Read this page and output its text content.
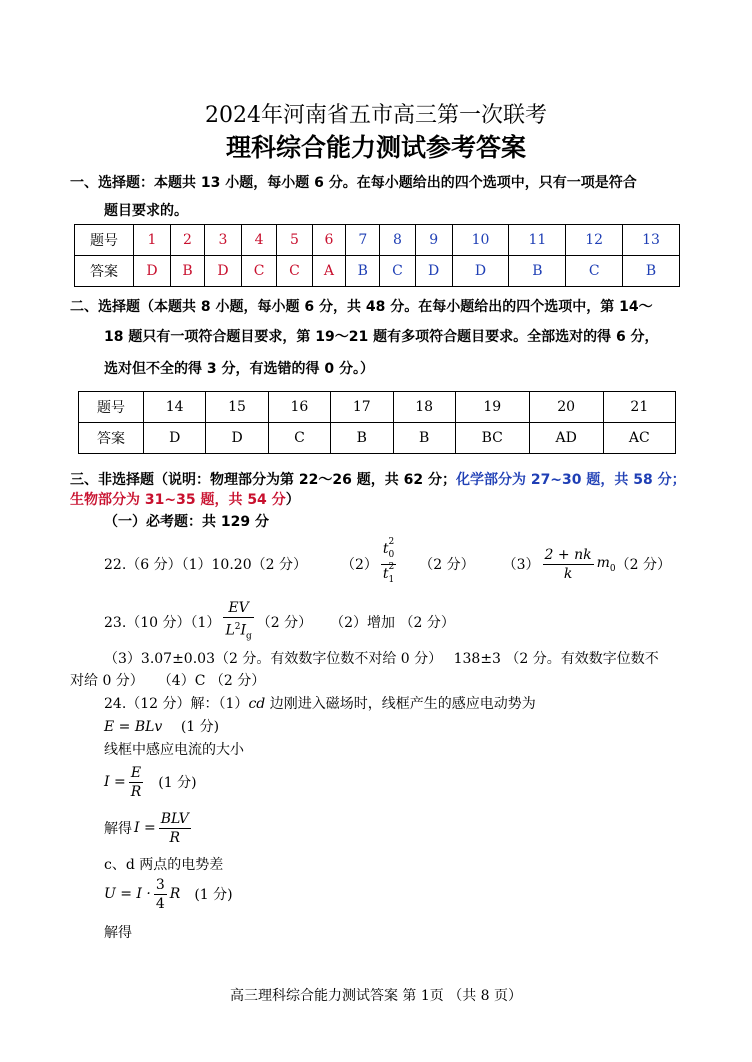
2024年河南省五市高三第一次联考
理科综合能力测试参考答案
一、选择题：本题共 13 小题，每小题 6 分。在每小题给出的四个选项中，只有一项是符合
题目要求的。
题号	1	2	3	4	5	6	7	8	9	10	11	12	13
答案	D	B	D	C	C	A	B	C	D	D	B	C	B
二、选择题（本题共 8 小题，每小题 6 分，共 48 分。在每小题给出的四个选项中，第 14～
18 题只有一项符合题目要求，第 19～21 题有多项符合题目要求。全部选对的得 6 分，
选对但不全的得 3 分，有选错的得 0 分。）
题号	14	15	16	17	18	19	20	21
答案	D	D	C	B	B	BC	AD	AC
三、非选择题（说明：物理部分为第 22～26 题，共 62 分；化学部分为 27~30 题，共 58 分；
生物部分为 31~35 题，共 54 分）
（一）必考题：共 129 分
22.（6 分）（1）10.20（2 分） （2） $t_0$
2
$t_1$
2 （2 分） $(3) \frac{2 + nk}{k} m_0$ （2 分）
23.（10 分）$(1) \frac{EV}{L^2I_g} (2$ 分） （2）增加 （2 分）
（3）3.07±0.03（2 分。有效数字位数不对给 0 分）　 138±3 （2 分。有效数字位数不
对给 0 分）　　（4）C （2 分）
24.（12 分）解：（1）cd 边刚进入磁场时，线框产生的感应电动势为
E = BLv (1 分)
线框中感应电流的大小
$I = \frac{E}{R} (1$ 分)
解得 $I = \frac{\text{BLV}}{R}$
c、d 两点的电势差
$U = I \cdot \frac{3}{4}$ R (1 分)
解得
高三理科综合能力测试答案 第 1页 （共 8 页）
